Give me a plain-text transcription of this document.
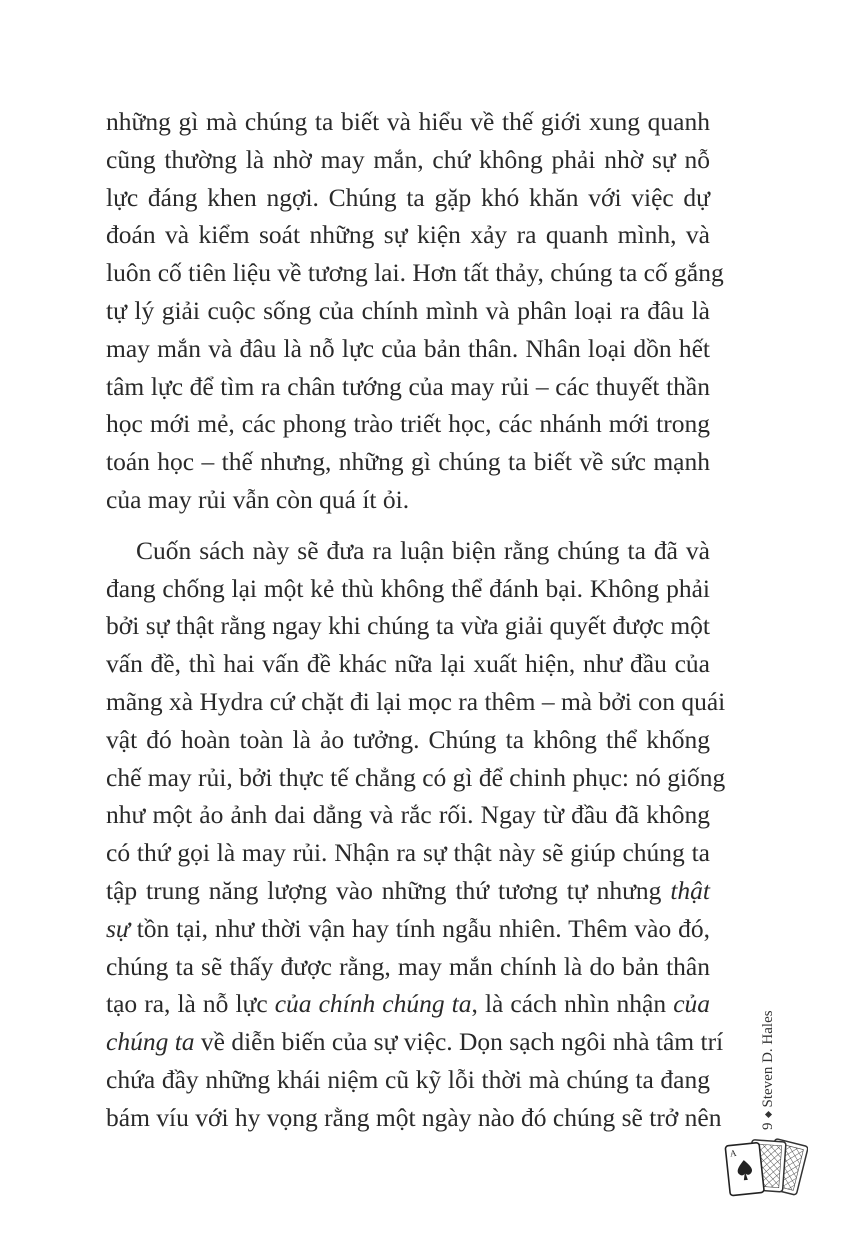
những gì mà chúng ta biết và hiểu về thế giới xung quanh
cũng thường là nhờ may mắn, chứ không phải nhờ sự nỗ
lực đáng khen ngợi. Chúng ta gặp khó khăn với việc dự
đoán và kiểm soát những sự kiện xảy ra quanh mình, và
luôn cố tiên liệu về tương lai. Hơn tất thảy, chúng ta cố gắng
tự lý giải cuộc sống của chính mình và phân loại ra đâu là
may mắn và đâu là nỗ lực của bản thân. Nhân loại dồn hết
tâm lực để tìm ra chân tướng của may rủi – các thuyết thần
học mới mẻ, các phong trào triết học, các nhánh mới trong
toán học – thế nhưng, những gì chúng ta biết về sức mạnh
của may rủi vẫn còn quá ít ỏi.
Cuốn sách này sẽ đưa ra luận biện rằng chúng ta đã và
đang chống lại một kẻ thù không thể đánh bại. Không phải
bởi sự thật rằng ngay khi chúng ta vừa giải quyết được một
vấn đề, thì hai vấn đề khác nữa lại xuất hiện, như đầu của
mãng xà Hydra cứ chặt đi lại mọc ra thêm – mà bởi con quái
vật đó hoàn toàn là ảo tưởng. Chúng ta không thể khống
chế may rủi, bởi thực tế chẳng có gì để chinh phục: nó giống
như một ảo ảnh dai dẳng và rắc rối. Ngay từ đầu đã không
có thứ gọi là may rủi. Nhận ra sự thật này sẽ giúp chúng ta
tập trung năng lượng vào những thứ tương tự nhưng thật
sự tồn tại, như thời vận hay tính ngẫu nhiên. Thêm vào đó,
chúng ta sẽ thấy được rằng, may mắn chính là do bản thân
tạo ra, là nỗ lực của chính chúng ta, là cách nhìn nhận của
chúng ta về diễn biến của sự việc. Dọn sạch ngôi nhà tâm trí
chứa đầy những khái niệm cũ kỹ lỗi thời mà chúng ta đang
bám víu với hy vọng rằng một ngày nào đó chúng sẽ trở nên	9
Steven D. Hales
A
